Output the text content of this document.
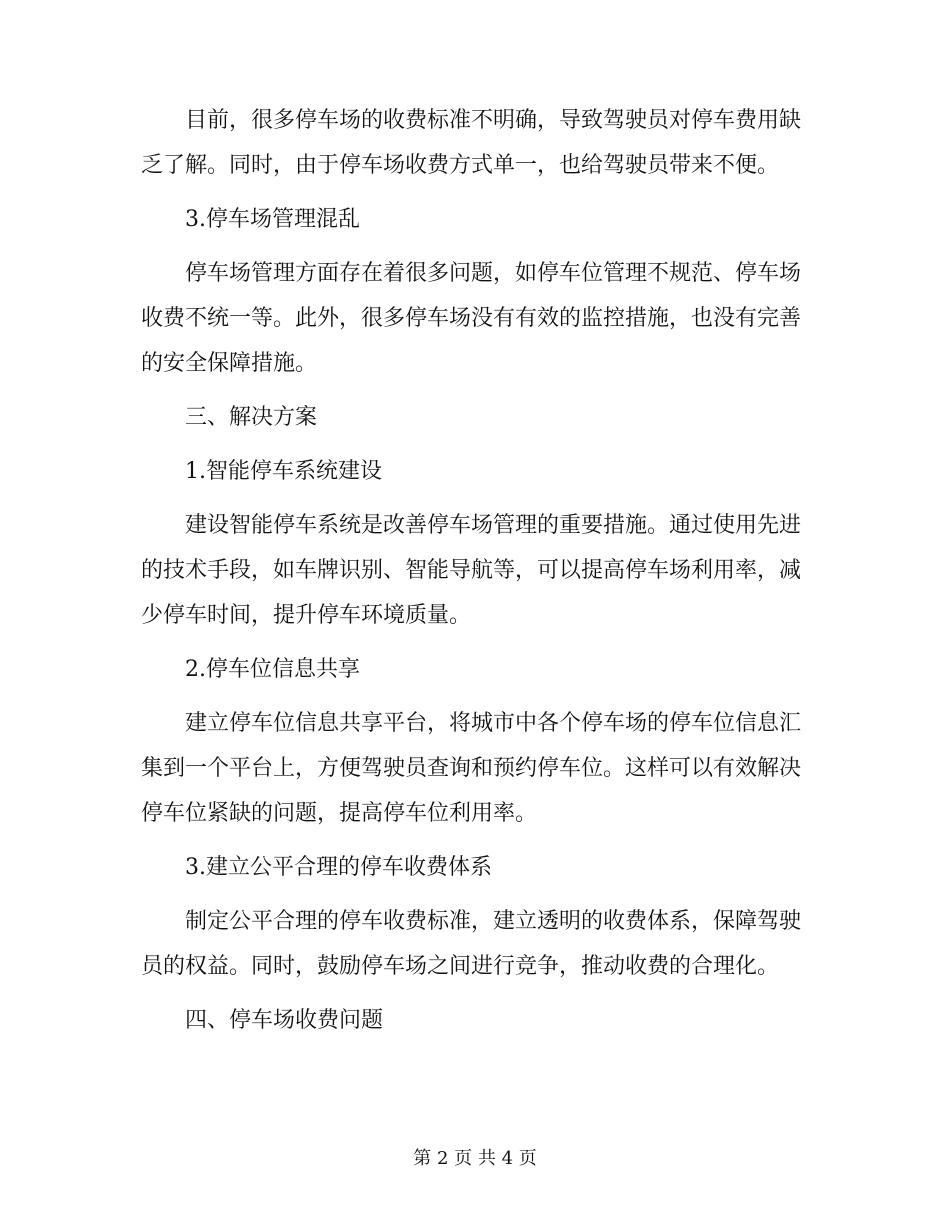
目前，很多停车场的收费标准不明确，导致驾驶员对停车费用缺乏了解。同时，由于停车场收费方式单一，也给驾驶员带来不便。

3.停车场管理混乱

停车场管理方面存在着很多问题，如停车位管理不规范、停车场收费不统一等。此外，很多停车场没有有效的监控措施，也没有完善的安全保障措施。

三、解决方案

1.智能停车系统建设

建设智能停车系统是改善停车场管理的重要措施。通过使用先进的技术手段，如车牌识别、智能导航等，可以提高停车场利用率，减少停车时间，提升停车环境质量。

2.停车位信息共享

建立停车位信息共享平台，将城市中各个停车场的停车位信息汇集到一个平台上，方便驾驶员查询和预约停车位。这样可以有效解决停车位紧缺的问题，提高停车位利用率。

3.建立公平合理的停车收费体系

制定公平合理的停车收费标准，建立透明的收费体系，保障驾驶员的权益。同时，鼓励停车场之间进行竞争，推动收费的合理化。

四、停车场收费问题

第 2 页 共 4 页
